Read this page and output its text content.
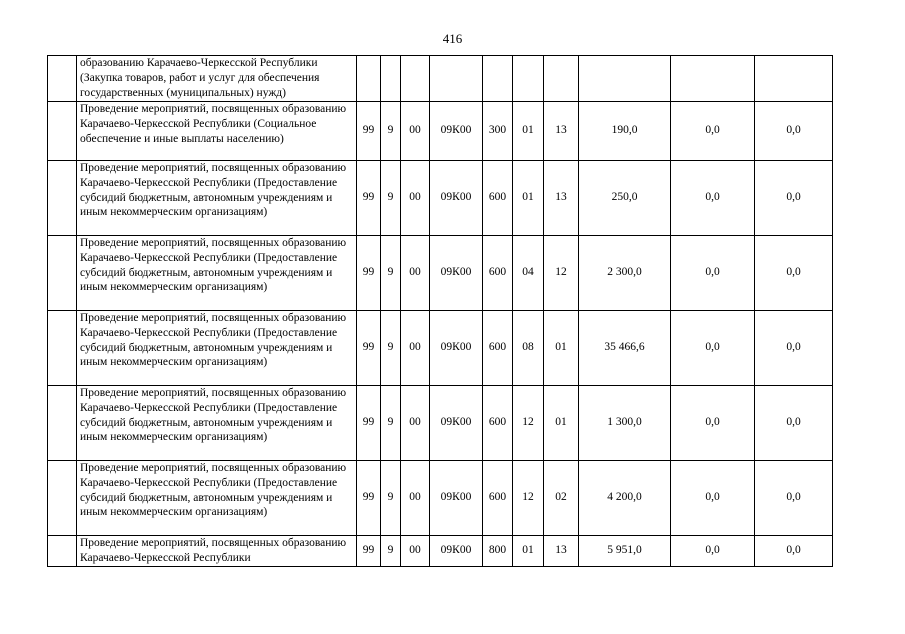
416
	образованию Карачаево-Черкесской Республики (Закупка товаров, работ и услуг для обеспечения государственных (муниципальных) нужд)										
	Проведение мероприятий, посвященных образованию Карачаево-Черкесской Республики (Социальное обеспечение и иные выплаты населению)	99	9	00	09К00	300	01	13	190,0	0,0	0,0
	Проведение мероприятий, посвященных образованию Карачаево-Черкесской Республики (Предоставление субсидий бюджетным, автономным учреждениям и иным некоммерческим организациям)	99	9	00	09К00	600	01	13	250,0	0,0	0,0
	Проведение мероприятий, посвященных образованию Карачаево-Черкесской Республики (Предоставление субсидий бюджетным, автономным учреждениям и иным некоммерческим организациям)	99	9	00	09К00	600	04	12	2 300,0	0,0	0,0
	Проведение мероприятий, посвященных образованию Карачаево-Черкесской Республики (Предоставление субсидий бюджетным, автономным учреждениям и иным некоммерческим организациям)	99	9	00	09К00	600	08	01	35 466,6	0,0	0,0
	Проведение мероприятий, посвященных образованию Карачаево-Черкесской Республики (Предоставление субсидий бюджетным, автономным учреждениям и иным некоммерческим организациям)	99	9	00	09К00	600	12	01	1 300,0	0,0	0,0
	Проведение мероприятий, посвященных образованию Карачаево-Черкесской Республики (Предоставление субсидий бюджетным, автономным учреждениям и иным некоммерческим организациям)	99	9	00	09К00	600	12	02	4 200,0	0,0	0,0
	Проведение мероприятий, посвященных образованию Карачаево-Черкесской Республики	99	9	00	09К00	800	01	13	5 951,0	0,0	0,0
